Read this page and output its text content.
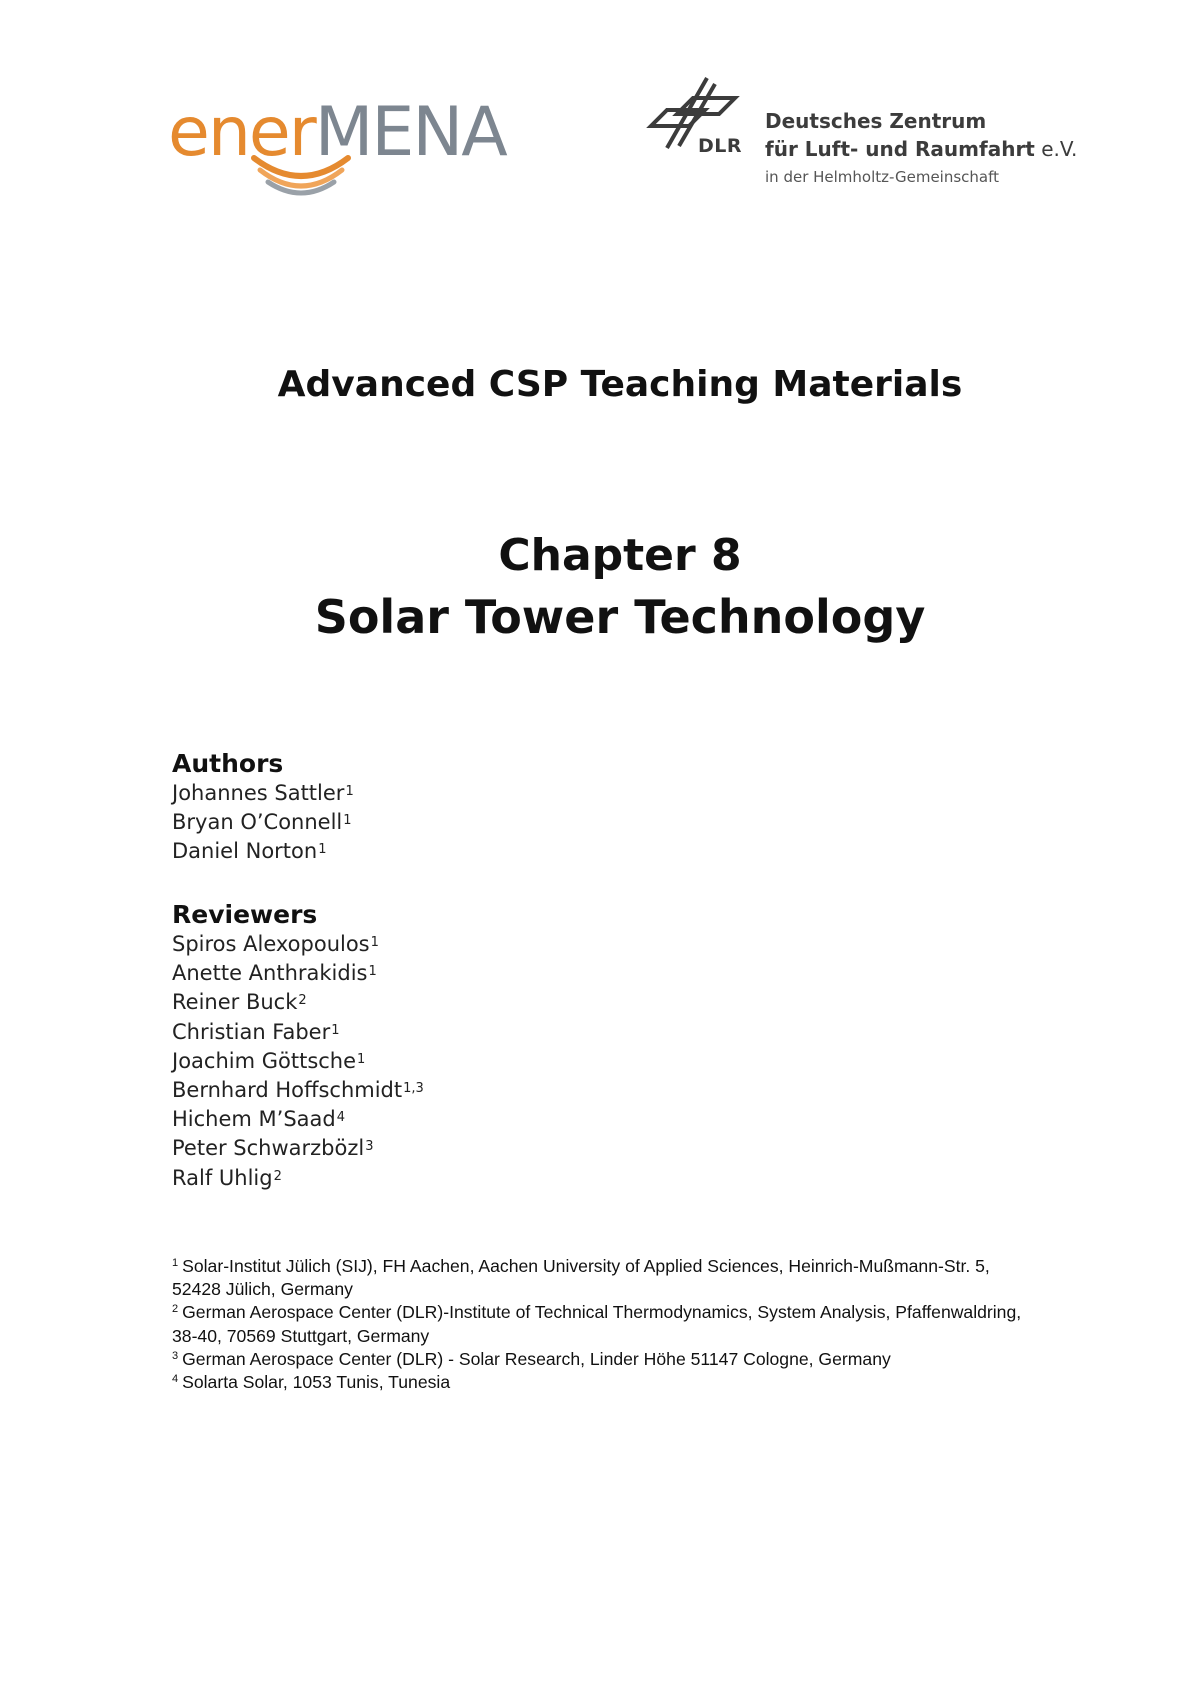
enerMENA	DLR
Deutsches Zentrum
für Luft- und Raumfahrt e.V.
in der Helmholtz-Gemeinschaft
Advanced CSP Teaching Materials
Chapter 8
Solar Tower Technology
Authors
Johannes Sattler$^1$
Bryan O’Connell$^1$
Daniel Norton$^1$
Reviewers
Spiros Alexopoulos$^1$
Anette Anthrakidis$^1$
Reiner Buck$^2$
Christian Faber$^1$
Joachim Göttsche$^1$
Bernhard Hoffschmidt$^{1,3}$
Hichem M’Saad$^4$
Peter Schwarzbözl$^3$
Ralf Uhlig$^2$

$^1$ Solar-Institut Jülich (SIJ), FH Aachen, Aachen University of Applied Sciences, Heinrich-Mußmann-Str. 5, 52428 Jülich, Germany

$^2$ German Aerospace Center (DLR)-Institute of Technical Thermodynamics, System Analysis, Pfaffenwaldring, 38-40, 70569 Stuttgart, Germany

$^3$ German Aerospace Center (DLR) - Solar Research, Linder Höhe 51147 Cologne, Germany

$^4$ Solarta Solar, 1053 Tunis, Tunesia
